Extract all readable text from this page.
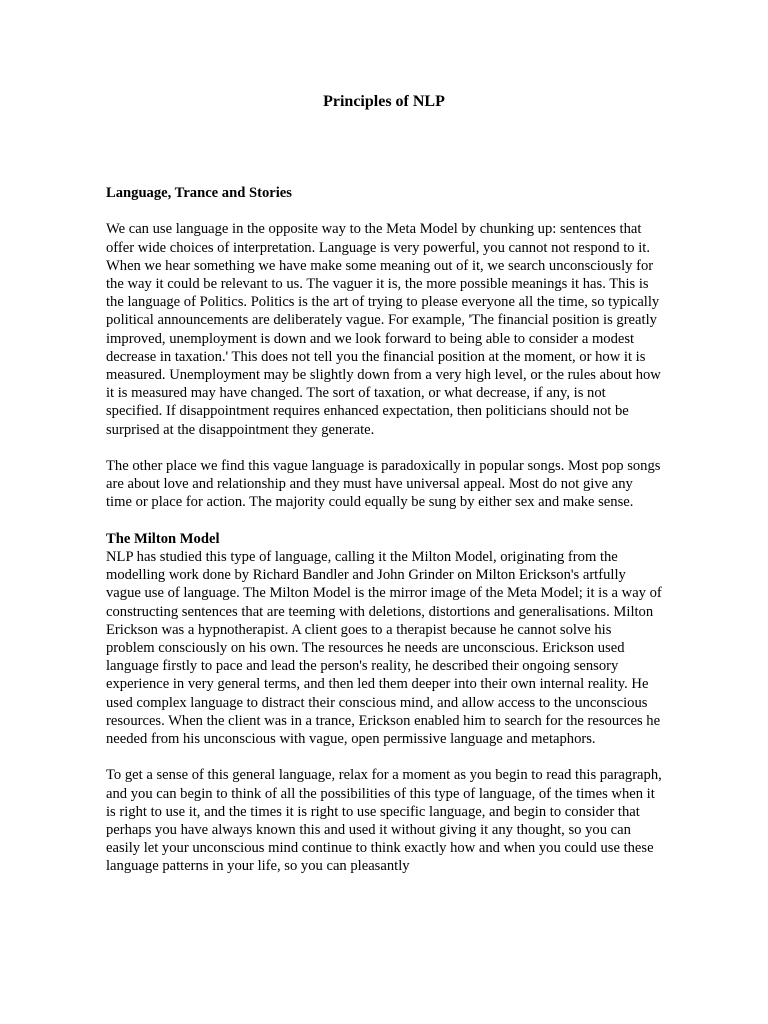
Principles of NLP

Language, Trance and Stories

We can use language in the opposite way to the Meta Model by chunking up: sentences that offer wide choices of interpretation. Language is very powerful, you cannot not respond to it. When we hear something we have make some meaning out of it, we search unconsciously for the way it could be relevant to us. The vaguer it is, the more possible meanings it has. This is the language of Politics. Politics is the art of trying to please everyone all the time, so typically political announcements are deliberately vague. For example, 'The financial position is greatly improved, unemployment is down and we look forward to being able to consider a modest decrease in taxation.' This does not tell you the financial position at the moment, or how it is measured. Unemployment may be slightly down from a very high level, or the rules about how it is measured may have changed. The sort of taxation, or what decrease, if any, is not specified. If disappointment requires enhanced expectation, then politicians should not be surprised at the disappointment they generate.

The other place we find this vague language is paradoxically in popular songs. Most pop songs are about love and relationship and they must have universal appeal. Most do not give any time or place for action. The majority could equally be sung by either sex and make sense.

The Milton Model

NLP has studied this type of language, calling it the Milton Model, originating from the modelling work done by Richard Bandler and John Grinder on Milton Erickson's artfully vague use of language. The Milton Model is the mirror image of the Meta Model; it is a way of constructing sentences that are teeming with deletions, distortions and generalisations. Milton Erickson was a hypnotherapist. A client goes to a therapist because he cannot solve his problem consciously on his own. The resources he needs are unconscious. Erickson used language firstly to pace and lead the person's reality, he described their ongoing sensory experience in very general terms, and then led them deeper into their own internal reality. He used complex language to distract their conscious mind, and allow access to the unconscious resources. When the client was in a trance, Erickson enabled him to search for the resources he needed from his unconscious with vague, open permissive language and metaphors.

To get a sense of this general language, relax for a moment as you begin to read this paragraph, and you can begin to think of all the possibilities of this type of language, of the times when it is right to use it, and the times it is right to use specific language, and begin to consider that perhaps you have always known this and used it without giving it any thought, so you can easily let your unconscious mind continue to think exactly how and when you could use these language patterns in your life, so you can pleasantly
